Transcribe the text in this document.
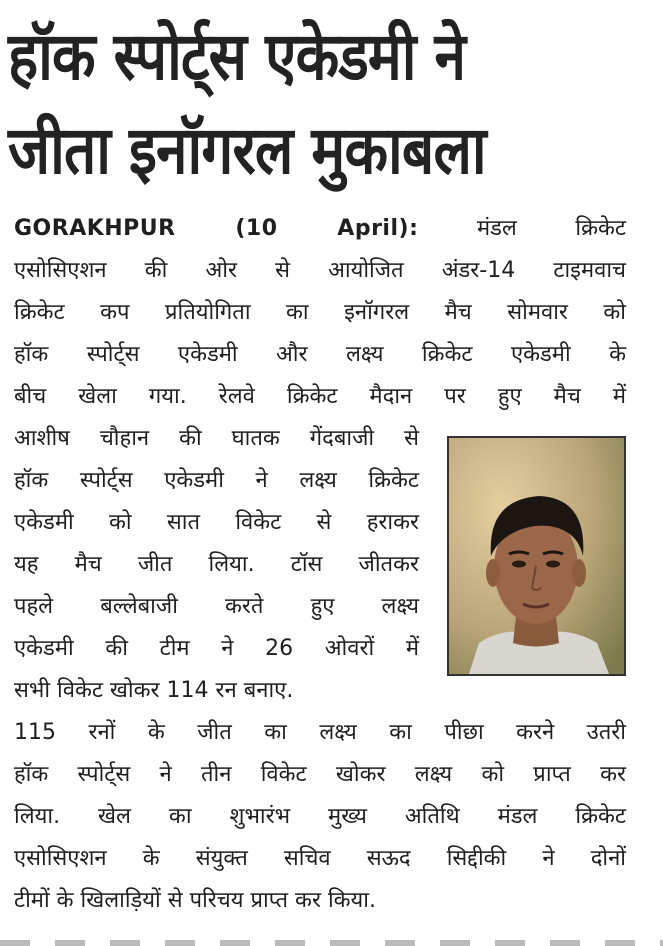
हॉक स्पोर्ट्स एकेडमी ने
जीता इनॉगरल मुकाबला
GORAKHPUR (10 April):	मंडल क्रिकेट
एसोसिएशन की ओर से आयोजित अंडर-14 टाइमवाच
क्रिकेट कप प्रतियोगिता का इनॉगरल मैच सोमवार को
हॉक स्पोर्ट्स एकेडमी और लक्ष्य क्रिकेट एकेडमी के
बीच खेला गया. रेलवे क्रिकेट मैदान पर हुए मैच में
आशीष चौहान की घातक गेंदबाजी से
हॉक स्पोर्ट्स एकेडमी ने लक्ष्य क्रिकेट
एकेडमी को सात विकेट से हराकर
यह मैच जीत लिया. टॉस जीतकर
पहले बल्लेबाजी करते हुए लक्ष्य
एकेडमी की टीम ने 26 ओवरों में
सभी विकेट खोकर 114 रन बनाए.
115 रनों के जीत का लक्ष्य का पीछा करने उतरी
हॉक स्पोर्ट्स ने तीन विकेट खोकर लक्ष्य को प्राप्त कर
लिया. खेल का शुभारंभ मुख्य अतिथि मंडल क्रिकेट
एसोसिएशन के संयुक्त सचिव सऊद सिद्दीकी ने दोनों
टीमों के खिलाड़ियों से परिचय प्राप्त कर किया.
